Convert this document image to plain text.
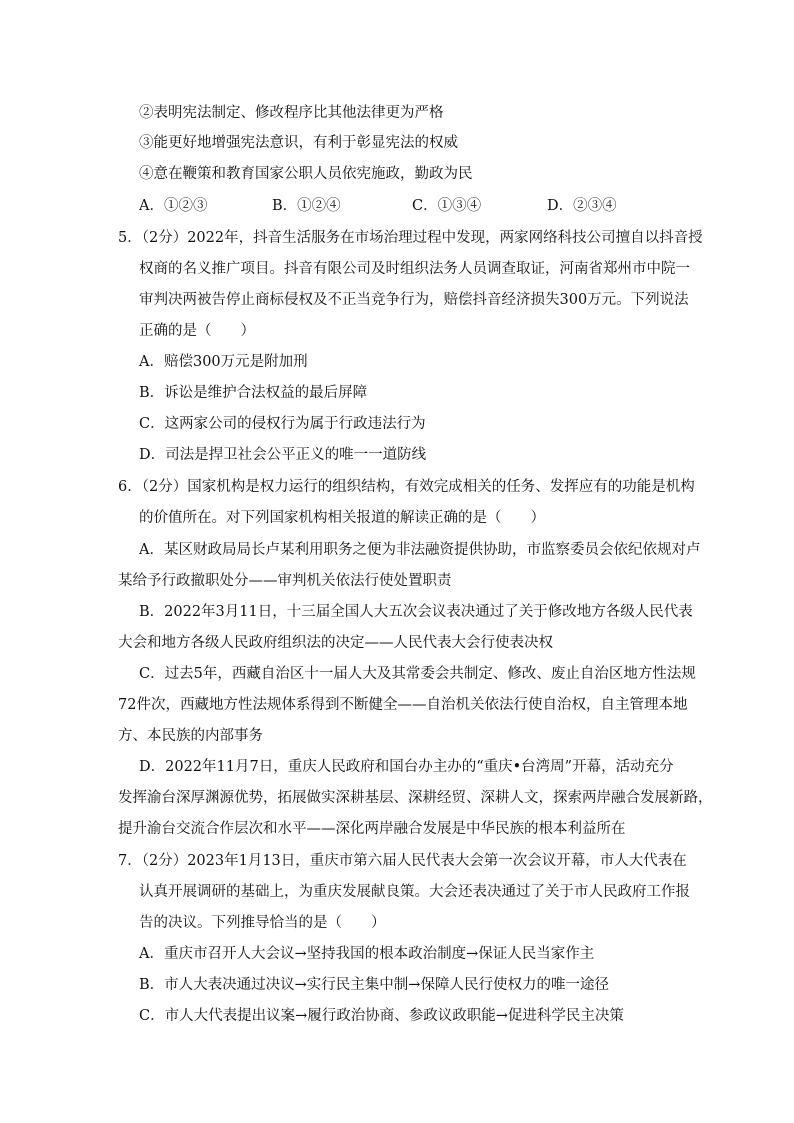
②表明宪法制定、修改程序比其他法律更为严格
③能更好地增强宪法意识，有利于彰显宪法的权威
④意在鞭策和教育国家公职人员依宪施政，勤政为民
A．①②③	B．①②④	C．①③④	D．②③④
5．（2分）2022年，抖音生活服务在市场治理过程中发现，两家网络科技公司擅自以抖音授
权商的名义推广项目。抖音有限公司及时组织法务人员调查取证，河南省郑州市中院一
审判决两被告停止商标侵权及不正当竞争行为，赔偿抖音经济损失300万元。下列说法
正确的是（　　）
A．赔偿300万元是附加刑
B．诉讼是维护合法权益的最后屏障
C．这两家公司的侵权行为属于行政违法行为
D．司法是捍卫社会公平正义的唯一一道防线
6．（2分）国家机构是权力运行的组织结构，有效完成相关的任务、发挥应有的功能是机构
的价值所在。对下列国家机构相关报道的解读正确的是（　　）
A．某区财政局局长卢某利用职务之便为非法融资提供协助，市监察委员会依纪依规对卢
某给予行政撤职处分——审判机关依法行使处置职责
B．2022年3月11日，十三届全国人大五次会议表决通过了关于修改地方各级人民代表
大会和地方各级人民政府组织法的决定——人民代表大会行使表决权
C．过去5年，西藏自治区十一届人大及其常委会共制定、修改、废止自治区地方性法规
72件次，西藏地方性法规体系得到不断健全——自治机关依法行使自治权，自主管理本地
方、本民族的内部事务
D．2022年11月7日，重庆人民政府和国台办主办的“重庆•台湾周”开幕，活动充分
发挥渝台深厚渊源优势，拓展做实深耕基层、深耕经贸、深耕人文，探索两岸融合发展新路，
提升渝台交流合作层次和水平——深化两岸融合发展是中华民族的根本利益所在
7．（2分）2023年1月13日，重庆市第六届人民代表大会第一次会议开幕，市人大代表在
认真开展调研的基础上，为重庆发展献良策。大会还表决通过了关于市人民政府工作报
告的决议。下列推导恰当的是（　　）
A．重庆市召开人大会议→坚持我国的根本政治制度→保证人民当家作主
B．市人大表决通过决议→实行民主集中制→保障人民行使权力的唯一途径
C．市人大代表提出议案→履行政治协商、参政议政职能→促进科学民主决策
